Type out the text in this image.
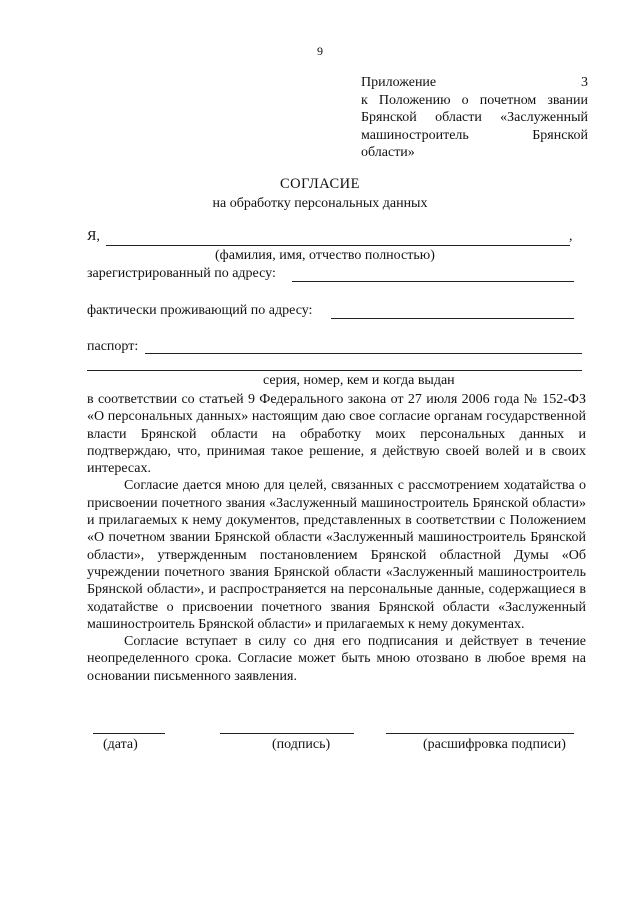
9
Приложение 3
к Положению о почетном звании
Брянской области «Заслуженный
машиностроитель Брянской
области»
СОГЛАСИЕ
на обработку персональных данных
Я,	,
(фамилия, имя, отчество полностью)
зарегистрированный по адресу:
фактически проживающий по адресу:
паспорт:
серия, номер, кем и когда выдан

в соответствии со статьей 9 Федерального закона от 27 июля 2006 года № 152-ФЗ «О персональных данных» настоящим даю свое согласие органам государственной власти Брянской области на обработку моих персональных данных и подтверждаю, что, принимая такое решение, я действую своей волей и в своих интересах.

Согласие дается мною для целей, связанных с рассмотрением ходатайства о присвоении почетного звания «Заслуженный машиностроитель Брянской области» и прилагаемых к нему документов, представленных в соответствии с Положением «О почетном звании Брянской области «Заслуженный машиностроитель Брянской области», утвержденным постановлением Брянской областной Думы «Об учреждении почетного звания Брянской области «Заслуженный машиностроитель Брянской области», и распространяется на персональные данные, содержащиеся в ходатайстве о присвоении почетного звания Брянской области «Заслуженный машиностроитель Брянской области» и прилагаемых к нему документах.

Согласие вступает в силу со дня его подписания и действует в течение неопределенного срока. Согласие может быть мною отозвано в любое время на основании письменного заявления.

(дата)	(подпись)	(расшифровка подписи)
